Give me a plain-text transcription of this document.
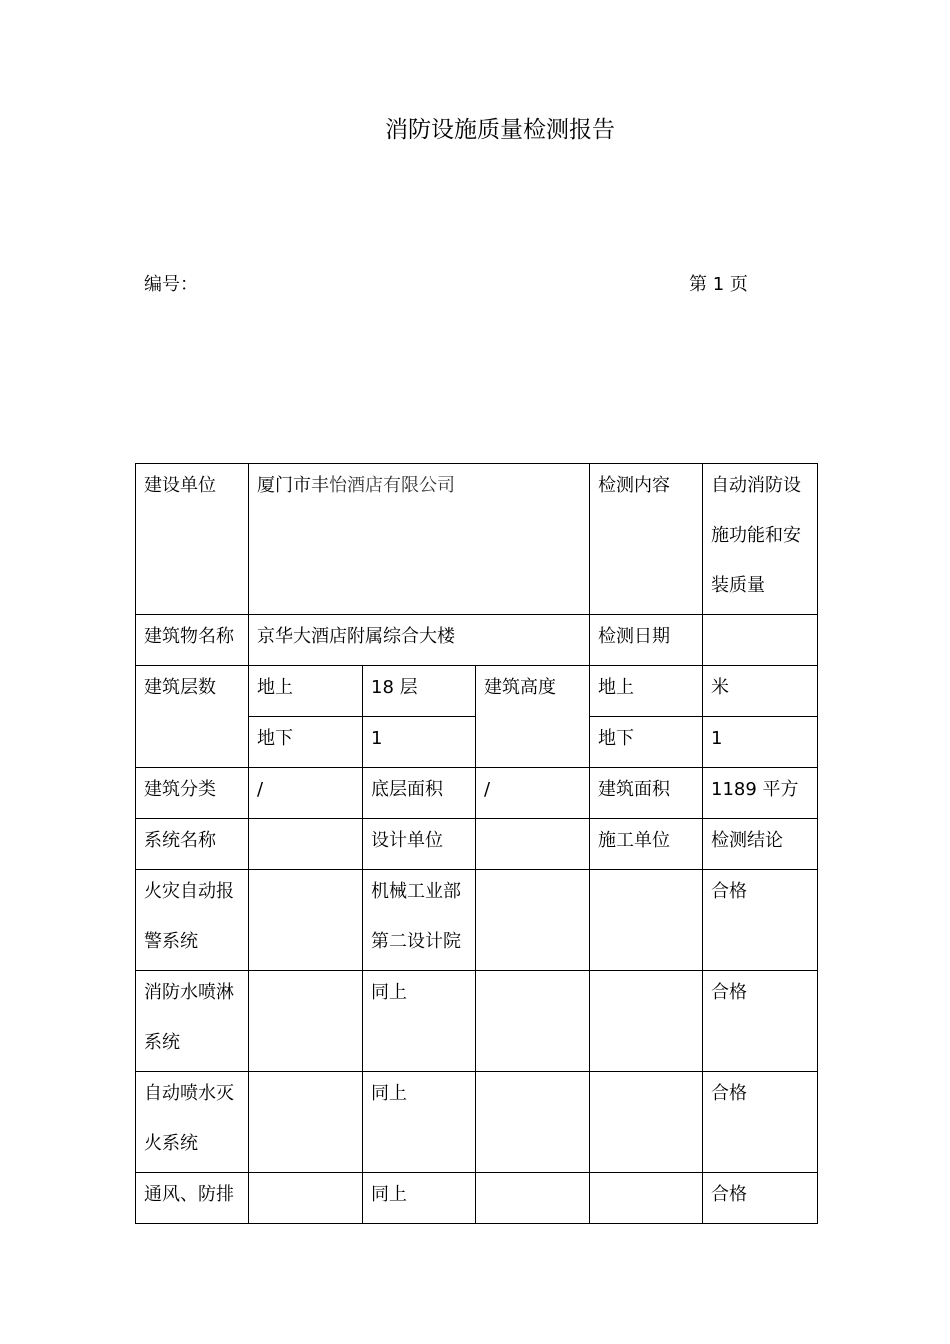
消防设施质量检测报告
编号：	第 1 页
建设单位	厦门市丰怡酒店有限公司			检测内容	自动消防设施功能和安装质量

建筑物名称	京华大酒店附属综合大楼			检测日期	

建筑层数	地上	18 层	建筑高度	地上	米

	地下	1		地下	1

建筑分类	/	底层面积	/	建筑面积	1189 平方

系统名称		设计单位		施工单位	检测结论

火灾自动报警系统		机械工业部第二设计院			合格

消防水喷淋系统		同上			合格

自动喷水灭火系统		同上			合格

通风、防排		同上			合格
